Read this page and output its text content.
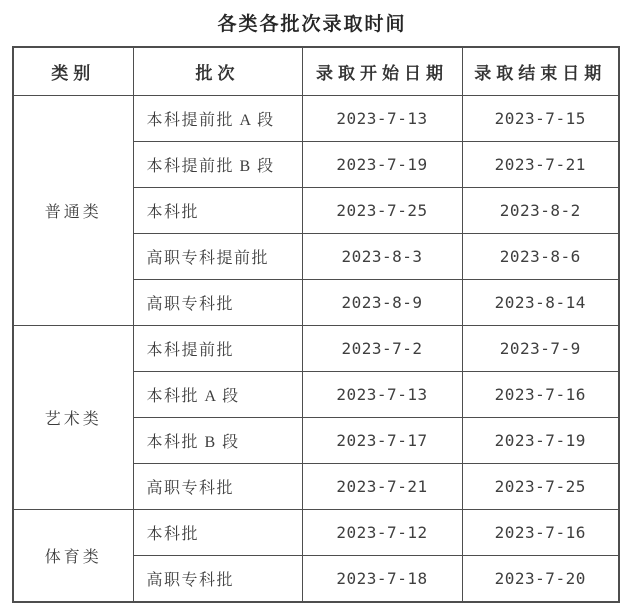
各类各批次录取时间
类别	批次	录取开始日期	录取结束日期
普通类	本科提前批 A 段	2023-7-13	2023-7-15
	本科提前批 B 段	2023-7-19	2023-7-21
	本科批	2023-7-25	2023-8-2
	高职专科提前批	2023-8-3	2023-8-6
	高职专科批	2023-8-9	2023-8-14
艺术类	本科提前批	2023-7-2	2023-7-9
	本科批 A 段	2023-7-13	2023-7-16
	本科批 B 段	2023-7-17	2023-7-19
	高职专科批	2023-7-21	2023-7-25
体育类	本科批	2023-7-12	2023-7-16
	高职专科批	2023-7-18	2023-7-20
